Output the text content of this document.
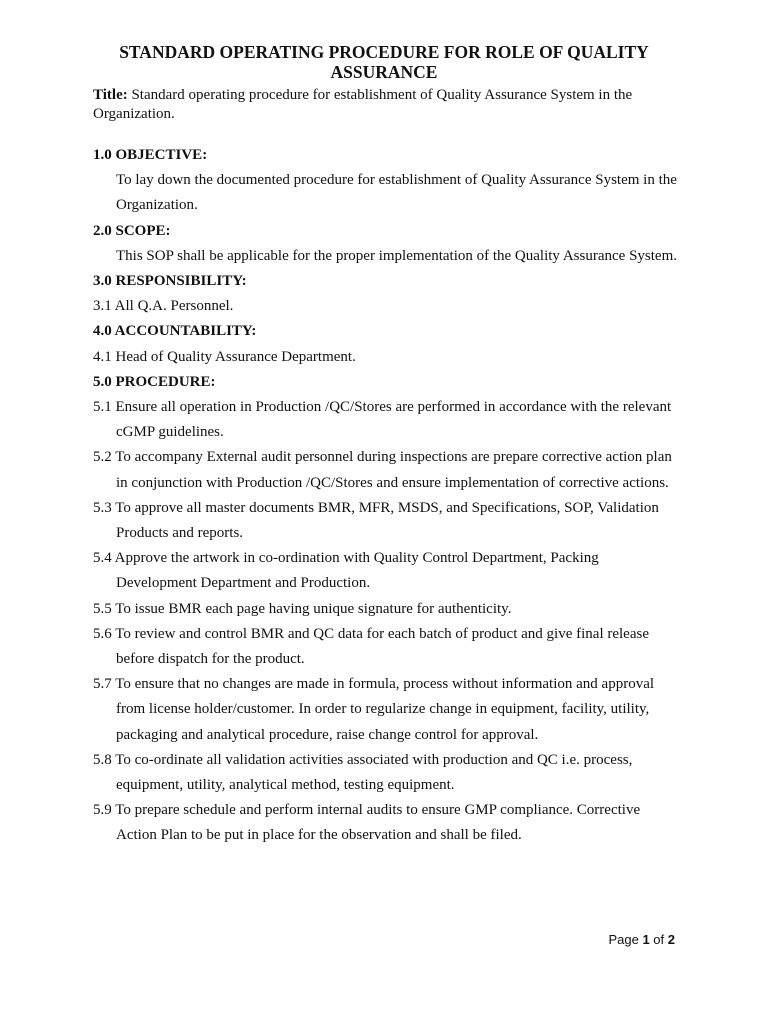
STANDARD OPERATING PROCEDURE FOR ROLE OF QUALITY
ASSURANCE
Title: Standard operating procedure for establishment of Quality Assurance System in the Organization.

1.0 OBJECTIVE:

To lay down the documented procedure for establishment of Quality Assurance System in the Organization.

2.0 SCOPE:

This SOP shall be applicable for the proper implementation of the Quality Assurance System.

3.0 RESPONSIBILITY:

3.1 All Q.A. Personnel.

4.0 ACCOUNTABILITY:

4.1 Head of Quality Assurance Department.

5.0 PROCEDURE:

5.1 Ensure all operation in Production /QC/Stores are performed in accordance with the relevant cGMP guidelines.

5.2 To accompany External audit personnel during inspections are prepare corrective action plan in conjunction with Production /QC/Stores and ensure implementation of corrective actions.

5.3 To approve all master documents BMR, MFR, MSDS, and Specifications, SOP, Validation Products and reports.

5.4 Approve the artwork in co-ordination with Quality Control Department, Packing Development Department and Production.

5.5 To issue BMR each page having unique signature for authenticity.

5.6 To review and control BMR and QC data for each batch of product and give final release before dispatch for the product.

5.7 To ensure that no changes are made in formula, process without information and approval from license holder/customer. In order to regularize change in equipment, facility, utility, packaging and analytical procedure, raise change control for approval.

5.8 To co-ordinate all validation activities associated with production and QC i.e. process, equipment, utility, analytical method, testing equipment.

5.9 To prepare schedule and perform internal audits to ensure GMP compliance. Corrective Action Plan to be put in place for the observation and shall be filed.

Page 1 of 2
